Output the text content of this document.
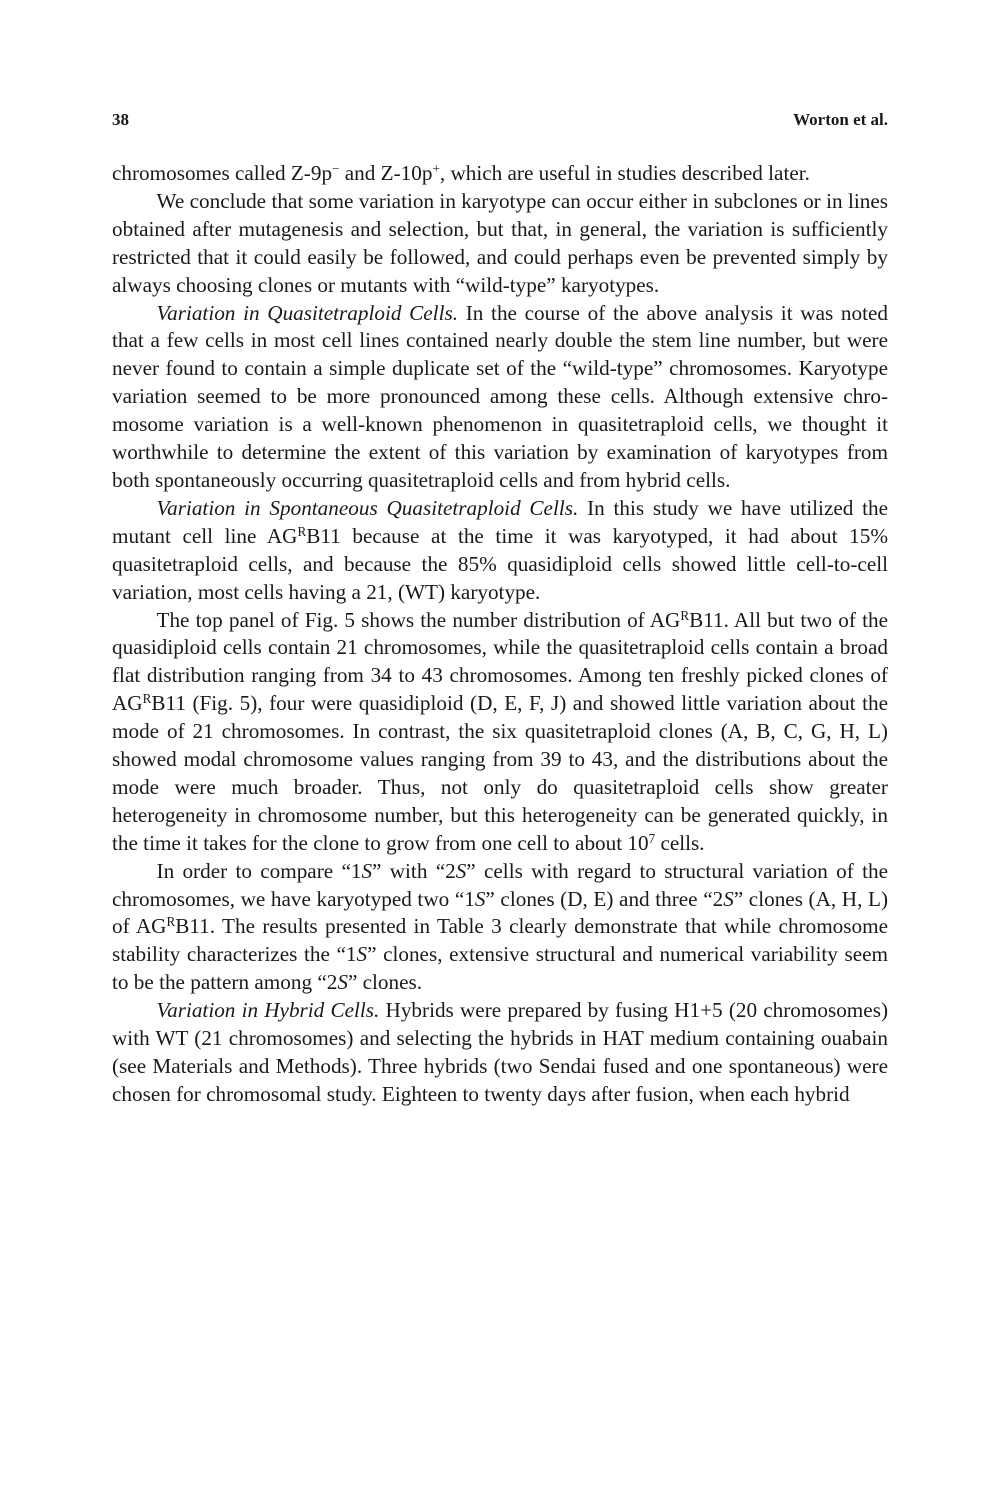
38	Worton et al.

chromosomes called Z-9p− and Z-10p+, which are useful in studies described later.

We conclude that some variation in karyotype can occur either in subclones or in lines obtained after mutagenesis and selection, but that, in general, the variation is sufficiently restricted that it could easily be followed, and could perhaps even be prevented simply by always choosing clones or mutants with “wild-type” karyotypes.

Variation in Quasitetraploid Cells. In the course of the above analysis it was noted that a few cells in most cell lines contained nearly double the stem line number, but were never found to contain a simple duplicate set of the “wild-type” chromosomes. Karyotype variation seemed to be more pronounced among these cells. Although extensive chromosome variation is a well-known phenomenon in quasitetraploid cells, we thought it worthwhile to determine the extent of this variation by examination of karyotypes from both spontaneously occurring quasitetraploid cells and from hybrid cells.

Variation in Spontaneous Quasitetraploid Cells. In this study we have utilized the mutant cell line $AG^RB11$ because at the time it was karyotyped, it had about 15% quasitetraploid cells, and because the 85% quasidiploid cells showed little cell-to-cell variation, most cells having a 21, (WT) karyotype.

The top panel of Fig. 5 shows the number distribution of $AG^RB11$. All but two of the quasidiploid cells contain 21 chromosomes, while the quasitetraploid cells contain a broad flat distribution ranging from 34 to 43 chromosomes. Among ten freshly picked clones of $AG^RB11$ (Fig. 5), four were quasidiploid (D, E, F, J) and showed little variation about the mode of 21 chromosomes. In contrast, the six quasitetraploid clones (A, B, C, G, H, L) showed modal chromosome values ranging from 39 to 43, and the distributions about the mode were much broader. Thus, not only do quasitetraploid cells show greater heterogeneity in chromosome number, but this heterogeneity can be generated quickly, in the time it takes for the clone to grow from one cell to about $10^7$ cells.

In order to compare “1S” with “2S” cells with regard to structural variation of the chromosomes, we have karyotyped two “1S” clones (D, E) and three “2S” clones (A, H, L) of $AG^RB11$. The results presented in Table 3 clearly demonstrate that while chromosome stability characterizes the “1S” clones, extensive structural and numerical variability seem to be the pattern among “2S” clones.

Variation in Hybrid Cells. Hybrids were prepared by fusing H1+5 (20 chromosomes) with WT (21 chromosomes) and selecting the hybrids in HAT medium containing ouabain (see Materials and Methods). Three hybrids (two Sendai fused and one spontaneous) were chosen for chromosomal study. Eighteen to twenty days after fusion, when each hybrid
